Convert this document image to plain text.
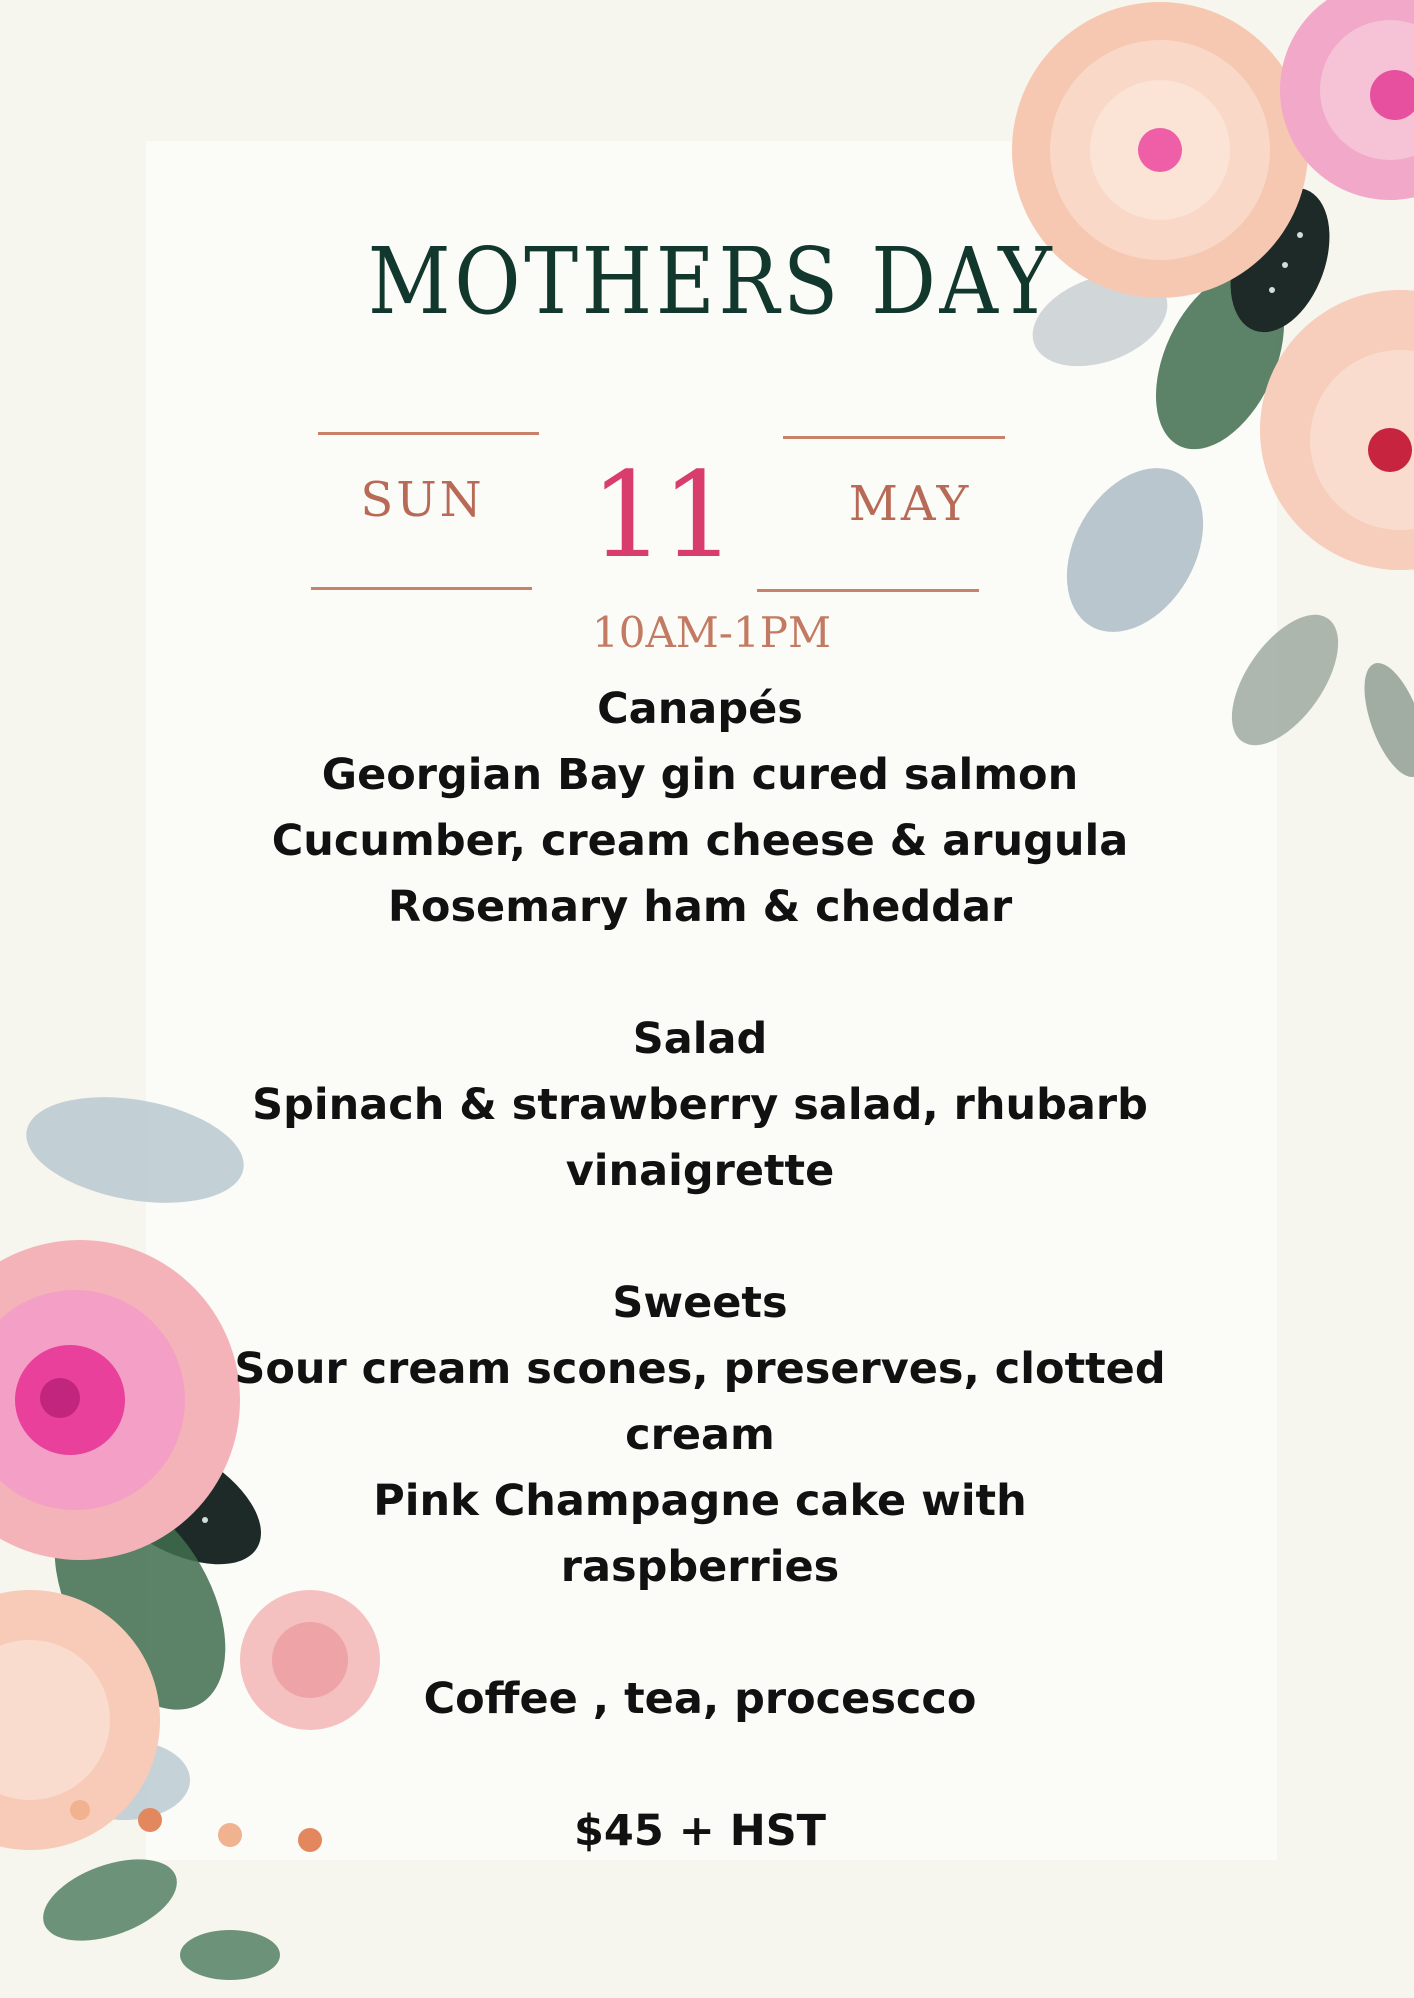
MOTHERS DAY

SUN 11	MAY

10AM-1PM

Canapés
Georgian Bay gin cured salmon
Cucumber, cream cheese & arugula
Rosemary ham & cheddar
Salad
Spinach & strawberry salad, rhubarb
vinaigrette
Sweets
Sour cream scones, preserves, clotted
cream
Pink Champagne cake with
raspberries
Coffee , tea, procescco
$45 + HST
